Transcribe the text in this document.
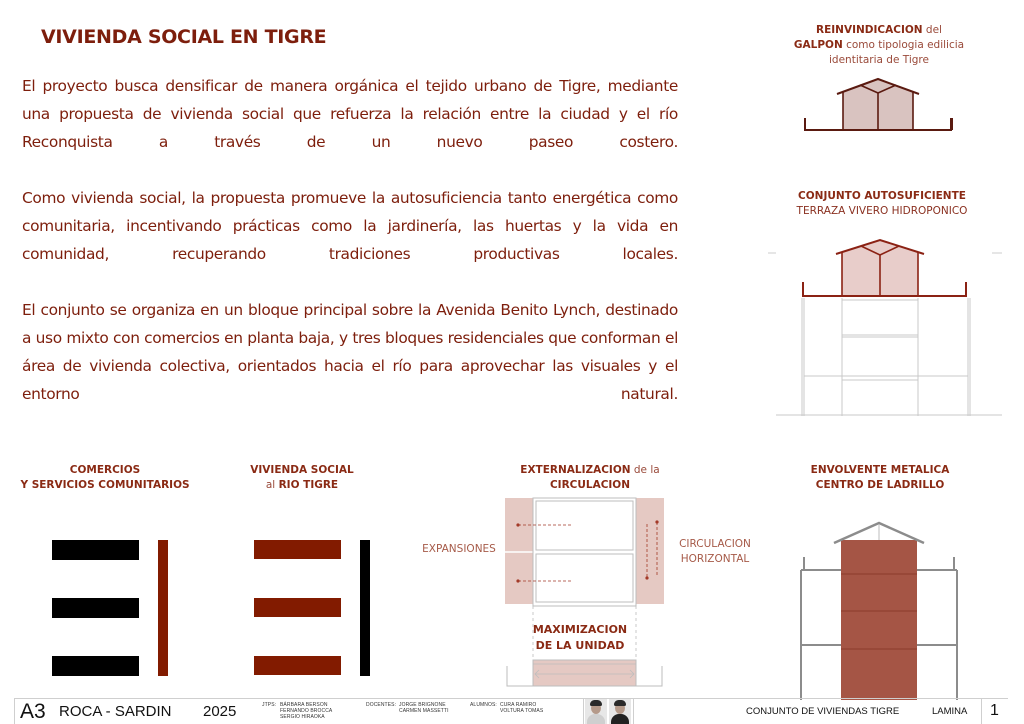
VIVIENDA SOCIAL EN TIGRE

El proyecto busca densificar de manera orgánica el tejido urbano de Tigre, mediante una propuesta de vivienda social que refuerza la relación entre la ciudad y el río Reconquista a través de un nuevo paseo costero.

Como vivienda social, la propuesta promueve la autosuficiencia tanto energética como comunitaria, incentivando prácticas como la jardinería, las huertas y la vida en comunidad, recuperando tradiciones productivas locales.

El conjunto se organiza en un bloque principal sobre la Avenida Benito Lynch, destinado a uso mixto con comercios en planta baja, y tres bloques residenciales que conforman el área de vivienda colectiva, orientados hacia el río para aprovechar las visuales y el entorno natural.

REINVINDICACION del
GALPON como tipologia edilicia
identitaria de Tigre
CONJUNTO AUTOSUFICIENTE
TERRAZA VIVERO HIDROPONICO
COMERCIOS
Y SERVICIOS COMUNITARIOS
VIVIENDA SOCIAL
al RIO TIGRE
EXTERNALIZACION de la
CIRCULACION
EXPANSIONES	CIRCULACION
HORIZONTAL
MAXIMIZACION
DE LA UNIDAD
ENVOLVENTE METALICA
CENTRO DE LADRILLO
A3 ROCA - SARDIN 2025	JTPS: BÁRBARA BERSON
FERNANDO BROCCA
SERGIO HIRAOKA
DOCENTES: JORGE BRIGNONE
CARMEN MASSETTI
ALUMNOS: CURA RAMIRO
VOLTURA TOMAS	CONJUNTO DE VIVIENDAS TIGRE	LAMINA 1
